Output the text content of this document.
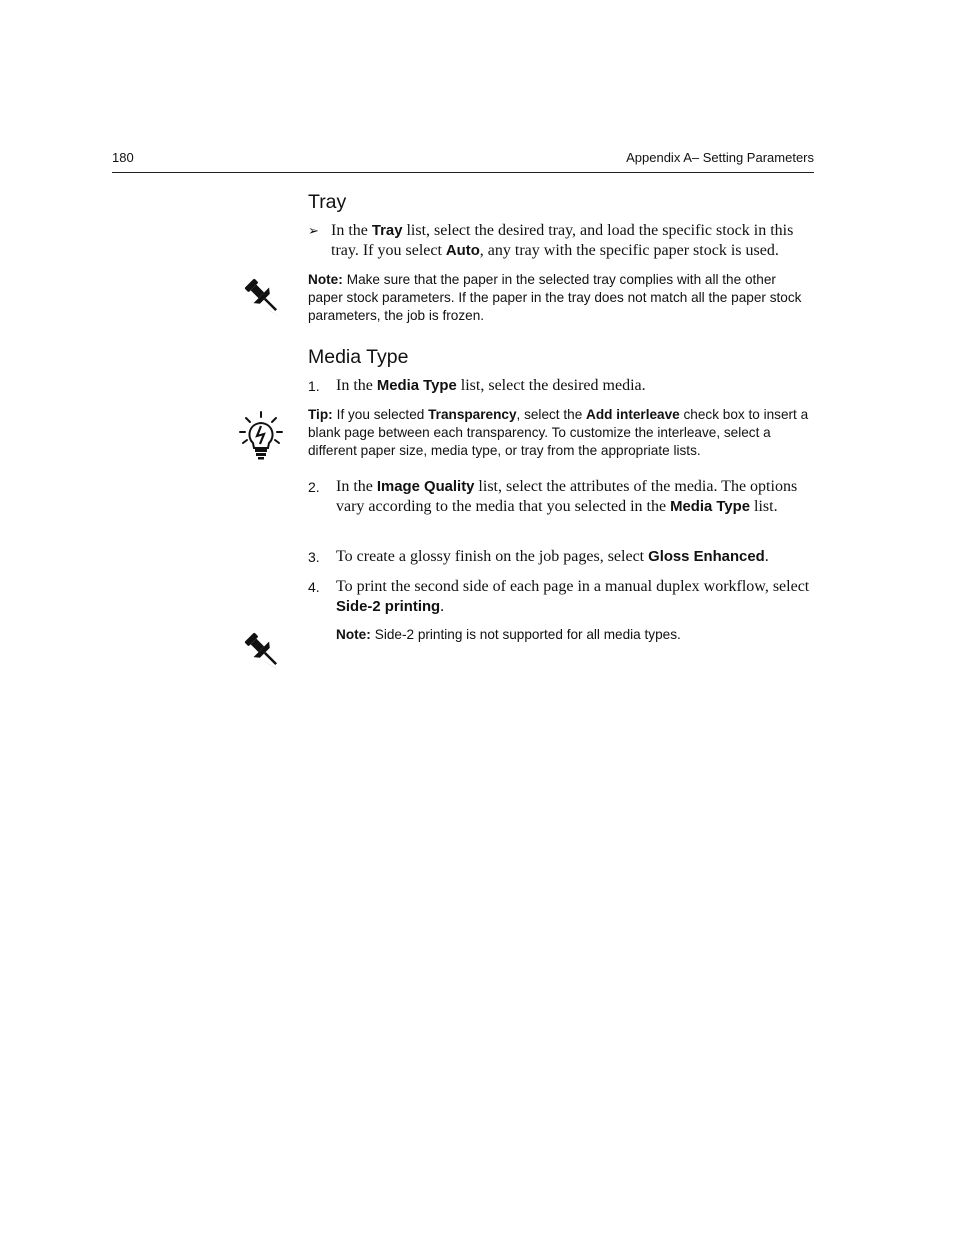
180	Appendix A– Setting Parameters
Tray
➢ In the Tray list, select the desired tray, and load the specific stock in this tray. If you select Auto, any tray with the specific paper stock is used.
Note: Make sure that the paper in the selected tray complies with all the other paper stock parameters. If the paper in the tray does not match all the paper stock parameters, the job is frozen.
Media Type
1. In the Media Type list, select the desired media.
Tip: If you selected Transparency, select the Add interleave check box to insert a blank page between each transparency. To customize the interleave, select a different paper size, media type, or tray from the appropriate lists.
2. In the Image Quality list, select the attributes of the media. The options vary according to the media that you selected in the Media Type list.
3. To create a glossy finish on the job pages, select Gloss Enhanced.
4. To print the second side of each page in a manual duplex workflow, select Side-2 printing.
Note: Side-2 printing is not supported for all media types.
